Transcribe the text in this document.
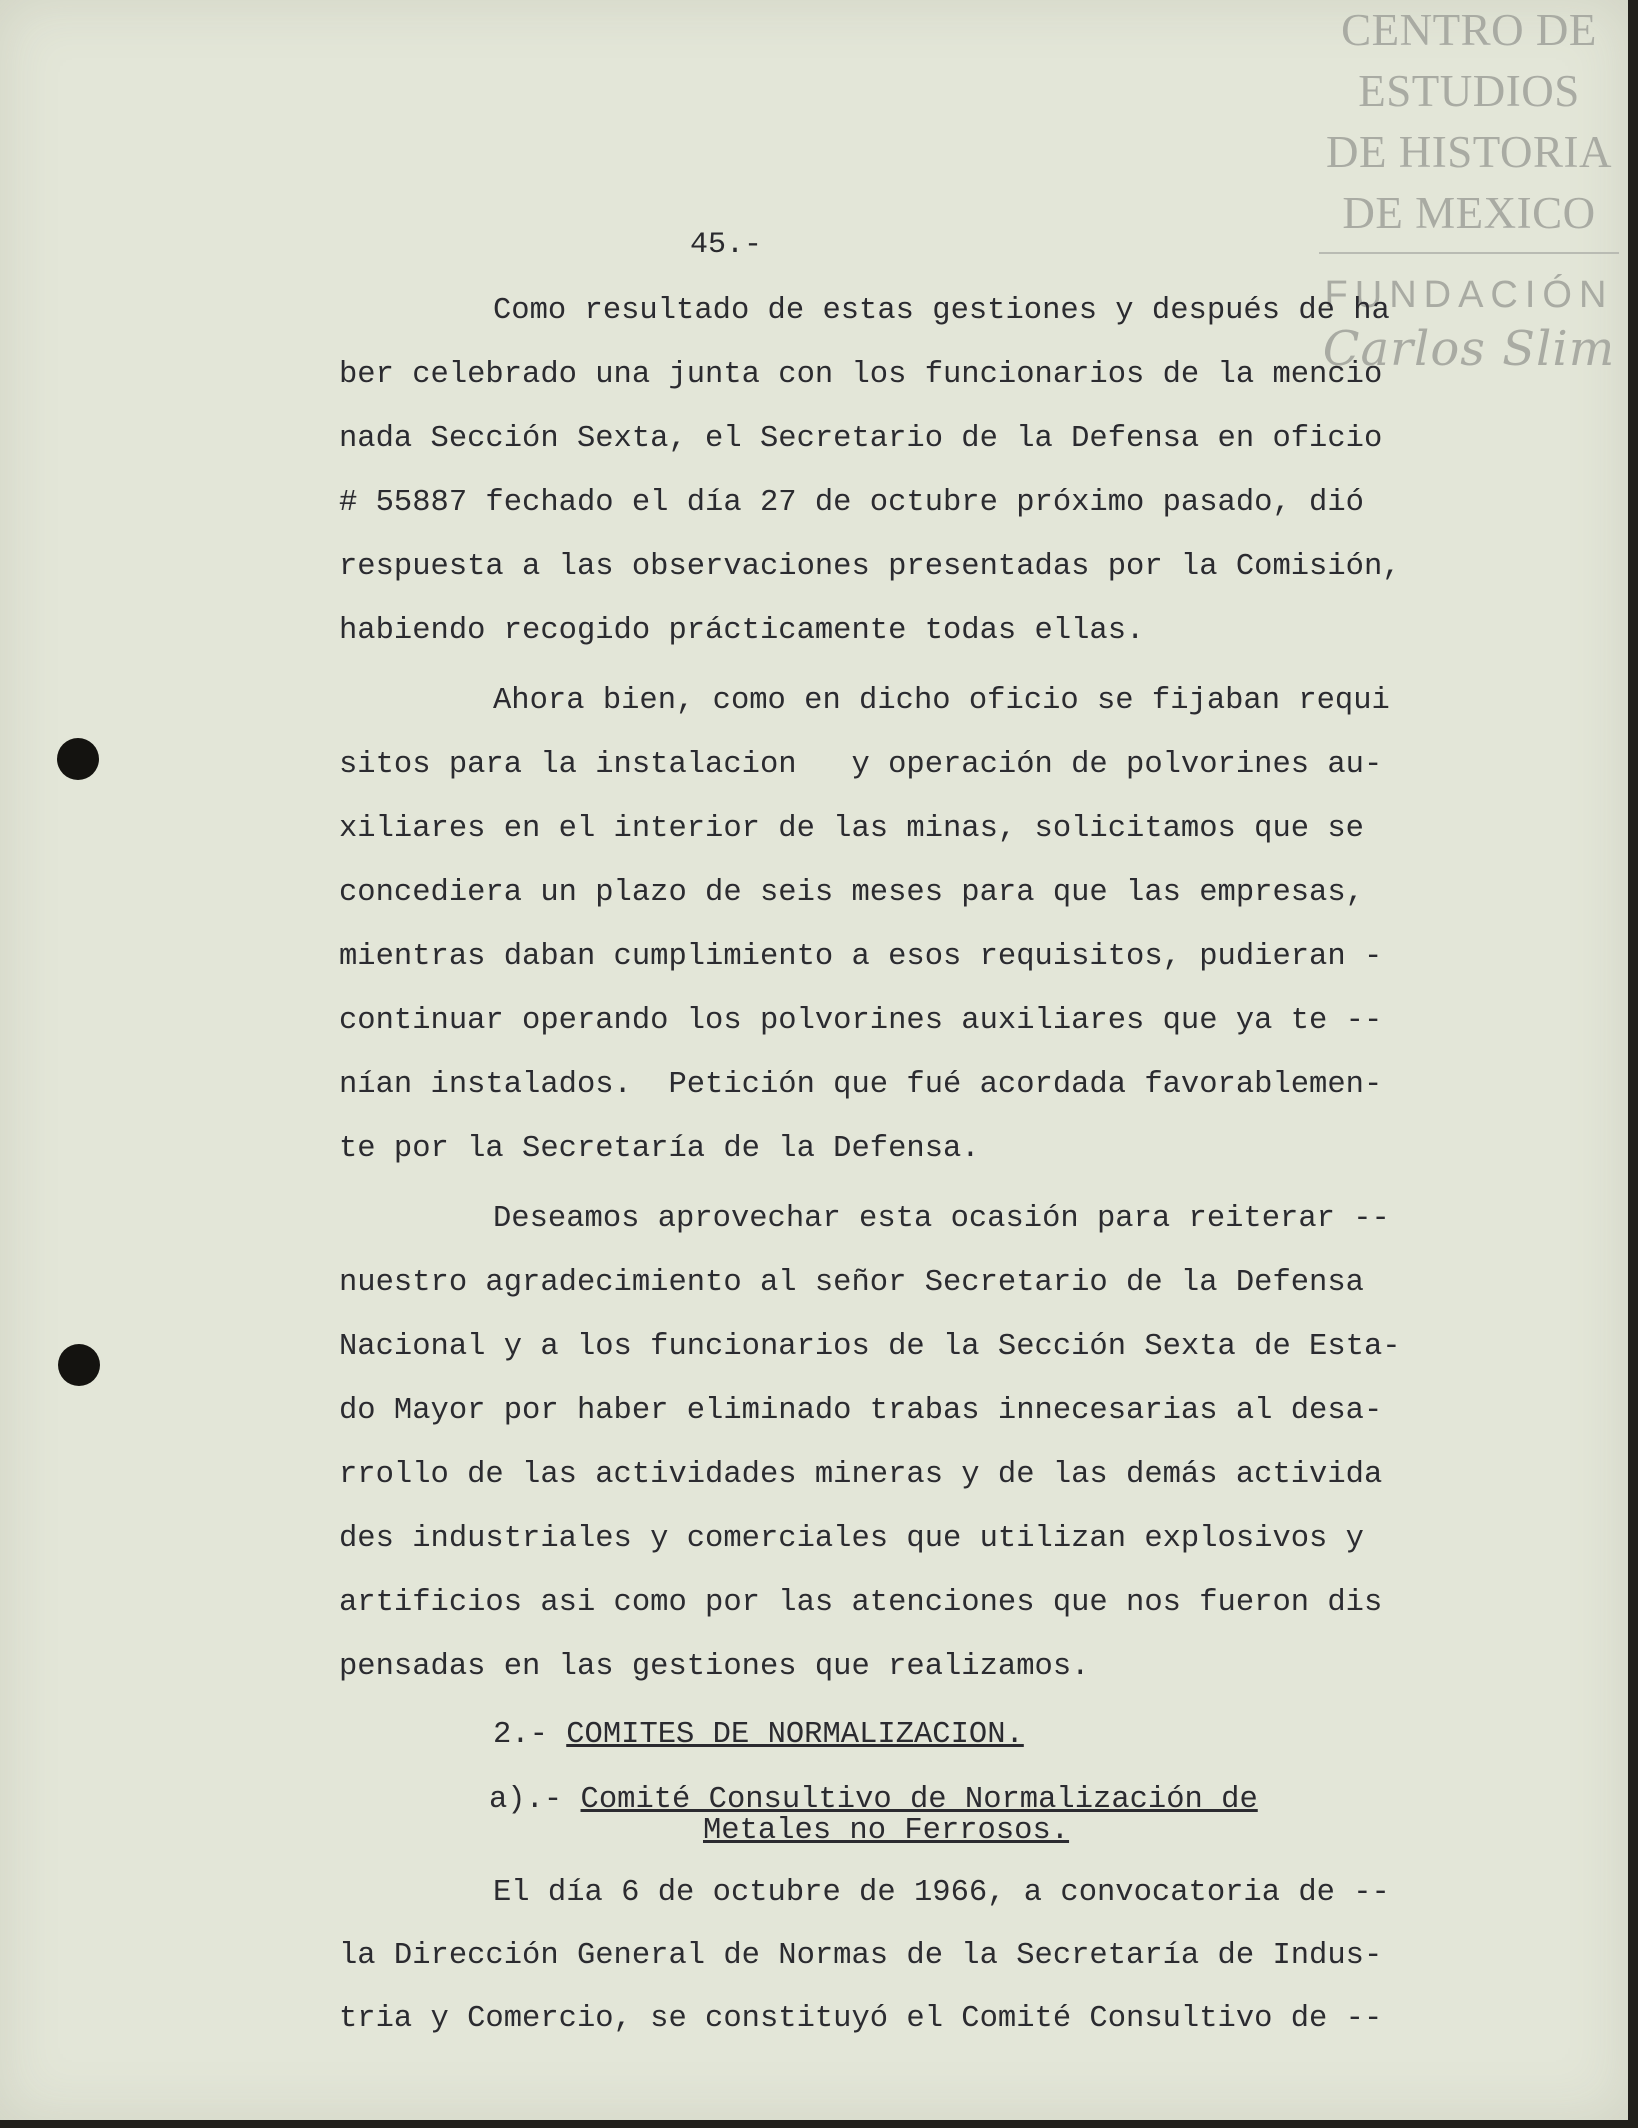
CENTRO DE
ESTUDIOS
DE HISTORIA
DE MEXICO
FUNDACIÓN
Carlos Slim
45.-
Como resultado de estas gestiones y después de ha
ber celebrado una junta con los funcionarios de la mencio
nada Sección Sexta, el Secretario de la Defensa en oficio
# 55887 fechado el día 27 de octubre próximo pasado, dió
respuesta a las observaciones presentadas por la Comisión,
habiendo recogido prácticamente todas ellas.
Ahora bien, como en dicho oficio se fijaban requi
sitos para la instalacion   y operación de polvorines au-
xiliares en el interior de las minas, solicitamos que se
concediera un plazo de seis meses para que las empresas,
mientras daban cumplimiento a esos requisitos, pudieran -
continuar operando los polvorines auxiliares que ya te --
nían instalados.  Petición que fué acordada favorablemen-
te por la Secretaría de la Defensa.
Deseamos aprovechar esta ocasión para reiterar --
nuestro agradecimiento al señor Secretario de la Defensa
Nacional y a los funcionarios de la Sección Sexta de Esta-
do Mayor por haber eliminado trabas innecesarias al desa-
rrollo de las actividades mineras y de las demás activida
des industriales y comerciales que utilizan explosivos y
artificios asi como por las atenciones que nos fueron dis
pensadas en las gestiones que realizamos.
2.- COMITES DE NORMALIZACION.
a).- Comité Consultivo de Normalización de
Metales no Ferrosos.
El día 6 de octubre de 1966, a convocatoria de --
la Dirección General de Normas de la Secretaría de Indus-
tria y Comercio, se constituyó el Comité Consultivo de --
